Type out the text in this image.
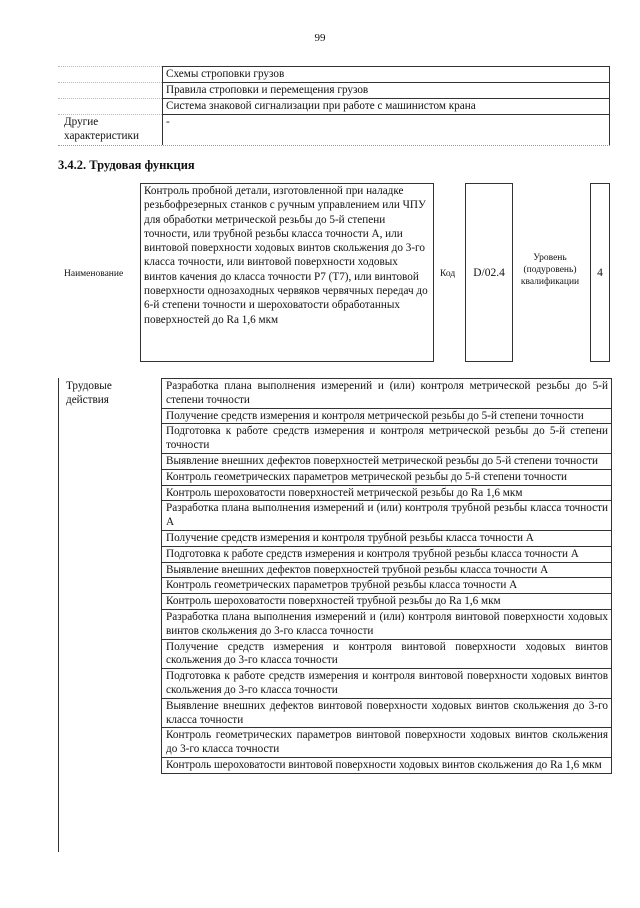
99
Схемы строповки грузов
Правила строповки и перемещения грузов
Система знаковой сигнализации при работе с машинистом крана
Другие характеристики
-
3.4.2. Трудовая функция
Наименование
Контроль пробной детали, изготовленной при наладке резьбофрезерных станков с ручным управлением или ЧПУ для обработки метрической резьбы до 5-й степени точности, или трубной резьбы класса точности А, или винтовой поверхности ходовых винтов скольжения до 3-го класса точности, или винтовой поверхности ходовых винтов качения до класса точности Р7 (Т7), или винтовой поверхности однозаходных червяков червячных передач до 6-й степени точности и шероховатости обработанных поверхностей до Ra 1,6 мкм
Код	D/02.4
Уровень (подуровень) квалификации
4
Трудовые действия
Разработка плана выполнения измерений и (или) контроля метрической резьбы до 5-й степени точности
Получение средств измерения и контроля метрической резьбы до 5-й степени точности
Подготовка к работе средств измерения и контроля метрической резьбы до 5-й степени точности
Выявление внешних дефектов поверхностей метрической резьбы до 5-й степени точности
Контроль геометрических параметров метрической резьбы до 5-й степени точности
Контроль шероховатости поверхностей метрической резьбы до Ra 1,6 мкм
Разработка плана выполнения измерений и (или) контроля трубной резьбы класса точности А
Получение средств измерения и контроля трубной резьбы класса точности А
Подготовка к работе средств измерения и контроля трубной резьбы класса точности А
Выявление внешних дефектов поверхностей трубной резьбы класса точности А
Контроль геометрических параметров трубной резьбы класса точности А
Контроль шероховатости поверхностей трубной резьбы до Ra 1,6 мкм
Разработка плана выполнения измерений и (или) контроля винтовой поверхности ходовых винтов скольжения до 3-го класса точности
Получение средств измерения и контроля винтовой поверхности ходовых винтов скольжения до 3-го класса точности
Подготовка к работе средств измерения и контроля винтовой поверхности ходовых винтов скольжения до 3-го класса точности
Выявление внешних дефектов винтовой поверхности ходовых винтов скольжения до 3-го класса точности
Контроль геометрических параметров винтовой поверхности ходовых винтов скольжения до 3-го класса точности
Контроль шероховатости винтовой поверхности ходовых винтов скольжения до Ra 1,6 мкм
